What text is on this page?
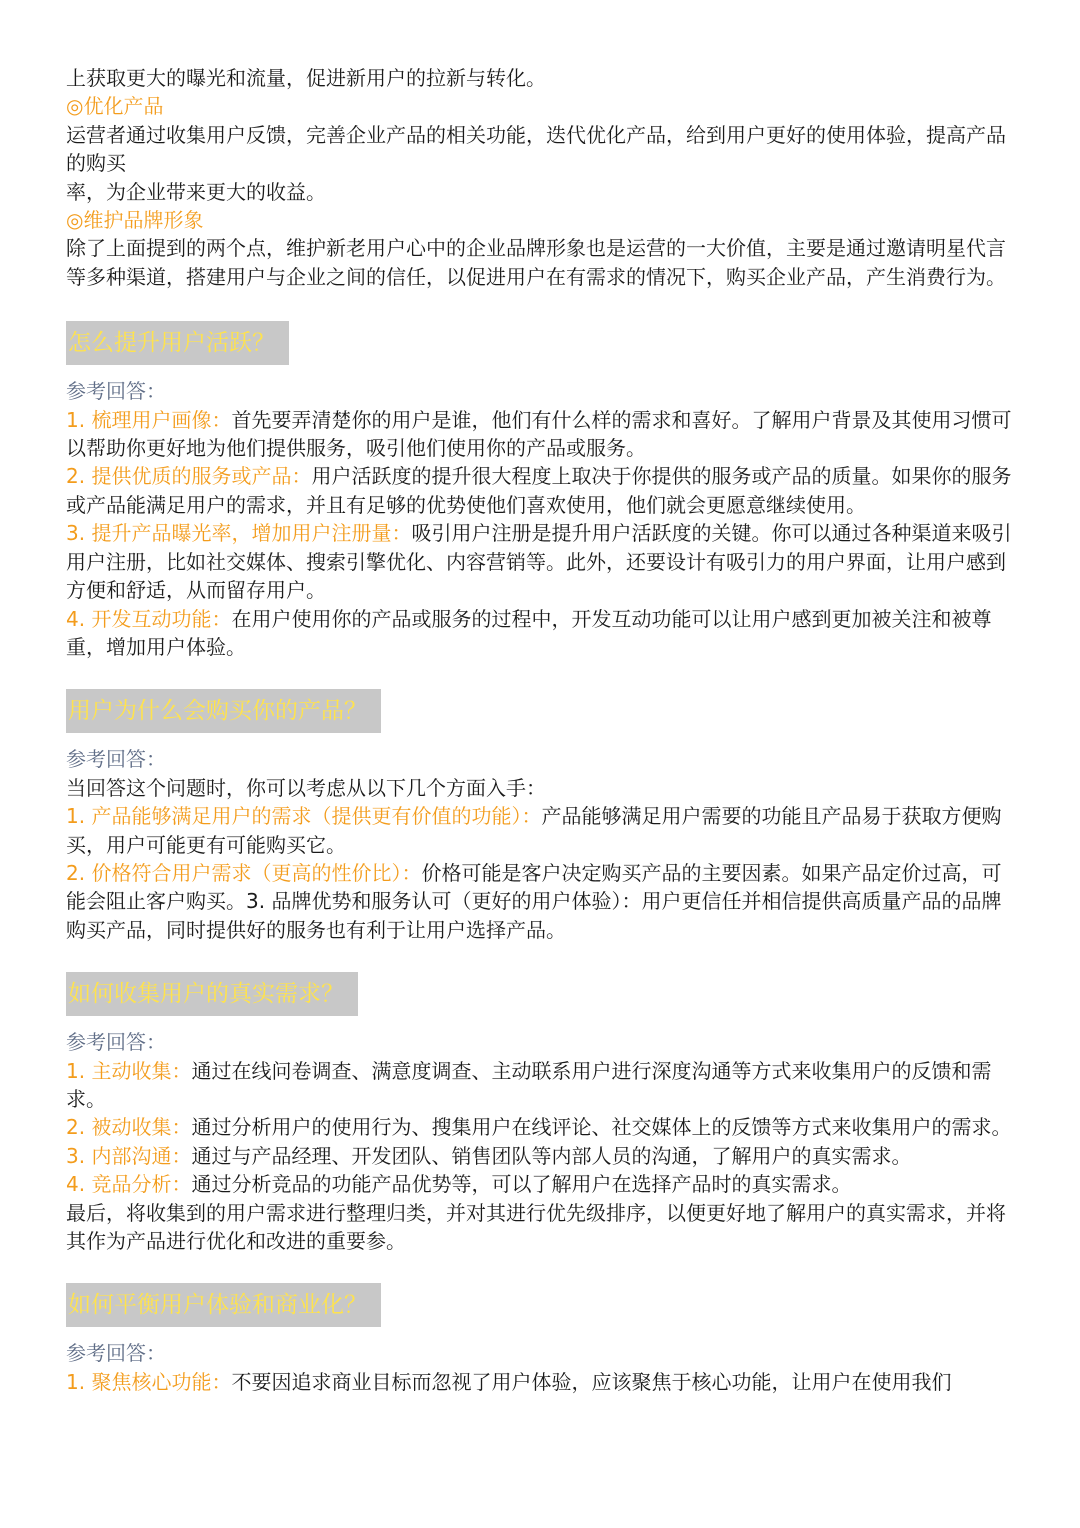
上获取更大的曝光和流量，促进新用户的拉新与转化。

◎优化产品

运营者通过收集用户反馈，完善企业产品的相关功能，迭代优化产品，给到用户更好的使用体验，提高产品的购买

率，为企业带来更大的收益。

◎维护品牌形象

除了上面提到的两个点，维护新老用户心中的企业品牌形象也是运营的一大价值，主要是通过邀请明星代言等多种渠道，搭建用户与企业之间的信任，以促进用户在有需求的情况下，购买企业产品，产生消费行为。

怎么提升用户活跃？

参考回答：

1. 梳理用户画像：首先要弄清楚你的用户是谁，他们有什么样的需求和喜好。了解用户背景及其使用习惯可以帮助你更好地为他们提供服务，吸引他们使用你的产品或服务。

2. 提供优质的服务或产品：用户活跃度的提升很大程度上取决于你提供的服务或产品的质量。如果你的服务或产品能满足用户的需求，并且有足够的优势使他们喜欢使用，他们就会更愿意继续使用。

3. 提升产品曝光率，增加用户注册量：吸引用户注册是提升用户活跃度的关键。你可以通过各种渠道来吸引用户注册，比如社交媒体、搜索引擎优化、内容营销等。此外，还要设计有吸引力的用户界面，让用户感到方便和舒适，从而留存用户。

4. 开发互动功能：在用户使用你的产品或服务的过程中，开发互动功能可以让用户感到更加被关注和被尊重，增加用户体验。

用户为什么会购买你的产品？

参考回答：

当回答这个问题时，你可以考虑从以下几个方面入手：

1. 产品能够满足用户的需求（提供更有价值的功能）：产品能够满足用户需要的功能且产品易于获取方便购买，用户可能更有可能购买它。

2. 价格符合用户需求（更高的性价比）：价格可能是客户决定购买产品的主要因素。如果产品定价过高，可能会阻止客户购买。3. 品牌优势和服务认可（更好的用户体验）：用户更信任并相信提供高质量产品的品牌购买产品，同时提供好的服务也有利于让用户选择产品。

如何收集用户的真实需求？

参考回答：

1. 主动收集：通过在线问卷调查、满意度调查、主动联系用户进行深度沟通等方式来收集用户的反馈和需求。

2. 被动收集：通过分析用户的使用行为、搜集用户在线评论、社交媒体上的反馈等方式来收集用户的需求。

3. 内部沟通：通过与产品经理、开发团队、销售团队等内部人员的沟通，了解用户的真实需求。

4. 竞品分析：通过分析竞品的功能产品优势等，可以了解用户在选择产品时的真实需求。

最后，将收集到的用户需求进行整理归类，并对其进行优先级排序，以便更好地了解用户的真实需求，并将其作为产品进行优化和改进的重要参。

如何平衡用户体验和商业化？

参考回答：

1. 聚焦核心功能：不要因追求商业目标而忽视了用户体验，应该聚焦于核心功能，让用户在使用我们
